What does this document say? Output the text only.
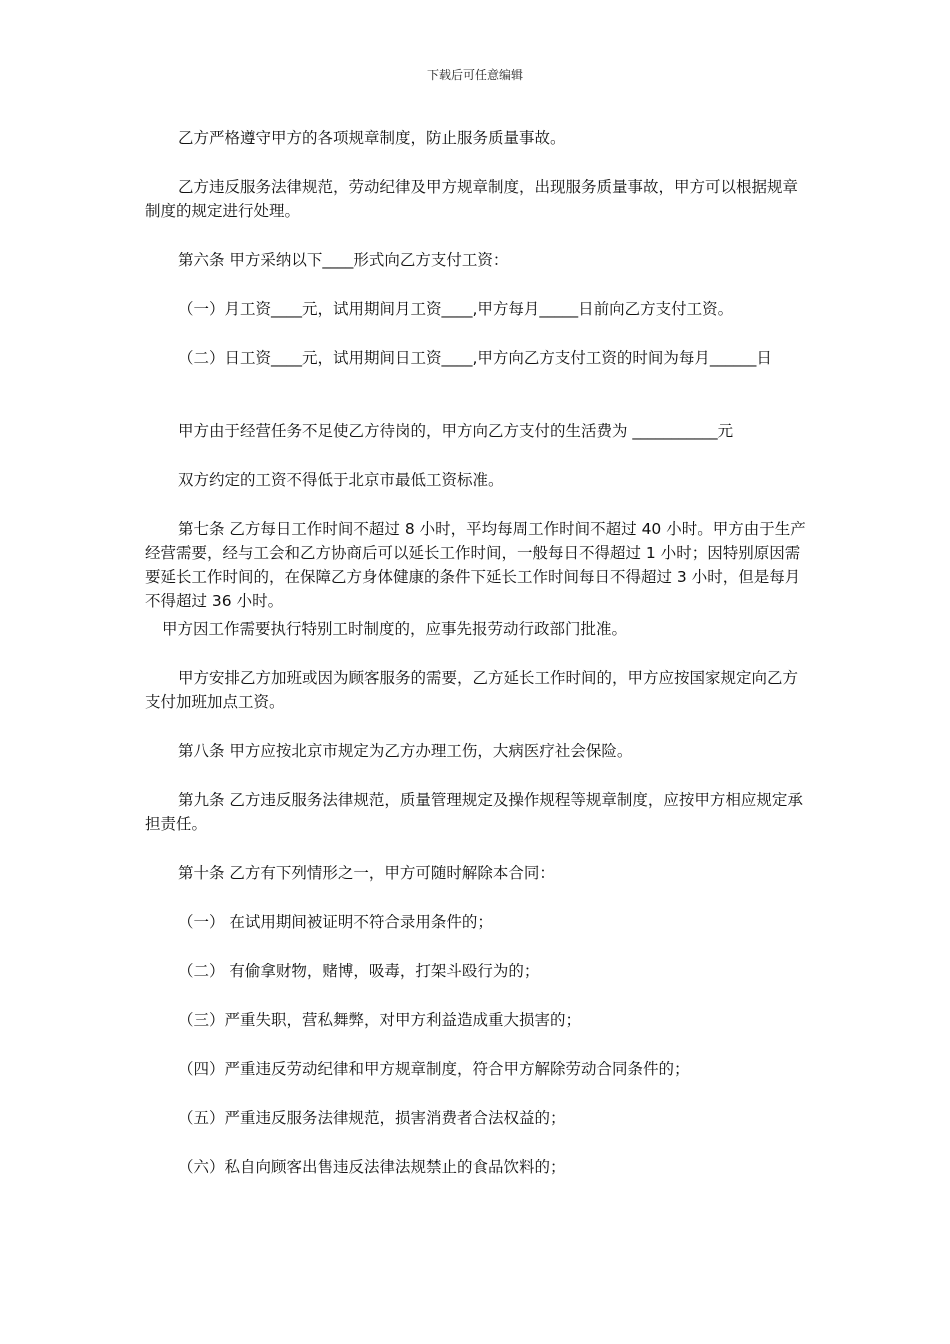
下载后可任意编辑
乙方严格遵守甲方的各项规章制度，防止服务质量事故。
乙方违反服务法律规范，劳动纪律及甲方规章制度，出现服务质量事故，甲方可以根据规章制度的规定进行处理。
第六条 甲方采纳以下____形式向乙方支付工资：
（一）月工资____元，试用期间月工资____,甲方每月_____日前向乙方支付工资。
（二）日工资____元，试用期间日工资____,甲方向乙方支付工资的时间为每月______日
甲方由于经营任务不足使乙方待岗的，甲方向乙方支付的生活费为 ___________元
双方约定的工资不得低于北京市最低工资标准。
第七条 乙方每日工作时间不超过 8 小时，平均每周工作时间不超过 40 小时。甲方由于生产经营需要，经与工会和乙方协商后可以延长工作时间，一般每日不得超过 1 小时；因特别原因需要延长工作时间的，在保障乙方身体健康的条件下延长工作时间每日不得超过 3 小时，但是每月不得超过 36 小时。
甲方因工作需要执行特别工时制度的，应事先报劳动行政部门批准。
甲方安排乙方加班或因为顾客服务的需要，乙方延长工作时间的，甲方应按国家规定向乙方支付加班加点工资。
第八条 甲方应按北京市规定为乙方办理工伤，大病医疗社会保险。
第九条 乙方违反服务法律规范，质量管理规定及操作规程等规章制度，应按甲方相应规定承担责任。
第十条 乙方有下列情形之一，甲方可随时解除本合同：
（一） 在试用期间被证明不符合录用条件的；
（二） 有偷拿财物，赌博，吸毒，打架斗殴行为的；
（三）严重失职，营私舞弊，对甲方利益造成重大损害的；
（四）严重违反劳动纪律和甲方规章制度，符合甲方解除劳动合同条件的；
（五）严重违反服务法律规范，损害消费者合法权益的；
（六）私自向顾客出售违反法律法规禁止的食品饮料的；
